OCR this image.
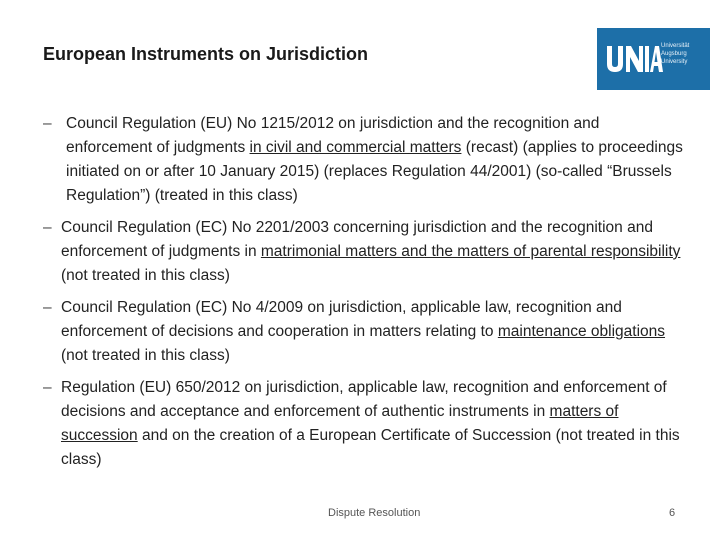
European Instruments on Jurisdiction	Universität
Augsburg
University
– Council Regulation (EU) No 1215/2012 on jurisdiction and the recognition and enforcement of judgments in civil and commercial matters (recast) (applies to proceedings initiated on or after 10 January 2015) (replaces Regulation 44/2001) (so-called “Brussels Regulation”) (treated in this class)
– Council Regulation (EC) No 2201/2003 concerning jurisdiction and the recognition and enforcement of judgments in matrimonial matters and the matters of parental responsibility (not treated in this class)
– Council Regulation (EC) No 4/2009 on jurisdiction, applicable law, recognition and enforcement of decisions and cooperation in matters relating to maintenance obligations (not treated in this class)
– Regulation (EU) 650/2012 on jurisdiction, applicable law, recognition and enforcement of decisions and acceptance and enforcement of authentic instruments in matters of succession and on the creation of a European Certificate of Succession (not treated in this class)
Dispute Resolution	6
